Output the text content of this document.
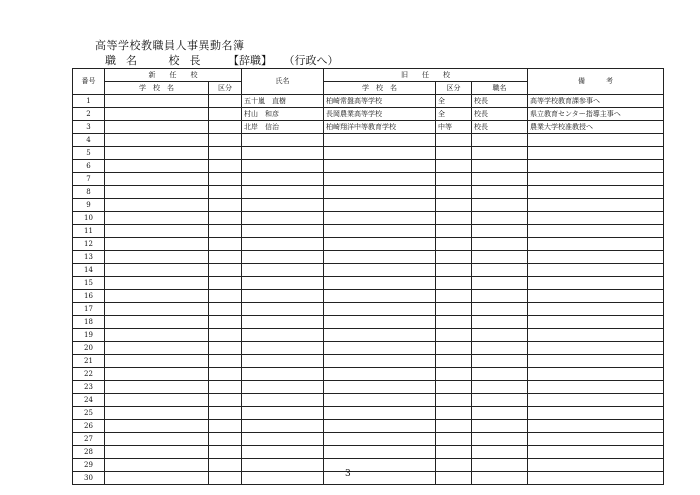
高等学校教職員人事異動名簿
職名 校長 【辞職】 （行政へ）
番号	新　　任　　校		氏名	旧　　任　　校			備　　　考
	学　校　名	区分		学　校　名	区分	職名	
1			五十嵐　直樹	柏崎常盤高等学校	全	校長	高等学校教育課参事へ
2			村山　和彦	長岡農業高等学校	全	校長	県立教育センター指導主事へ
3			北岸　信治	柏崎翔洋中等教育学校	中等	校長	農業大学校准教授へ
4							
5							
6							
7							
8							
9							
10							
11							
12							
13							
14							
15							
16							
17							
18							
19							
20							
21							
22							
23							
24							
25							
26							
27							
28							
29							
30								3
